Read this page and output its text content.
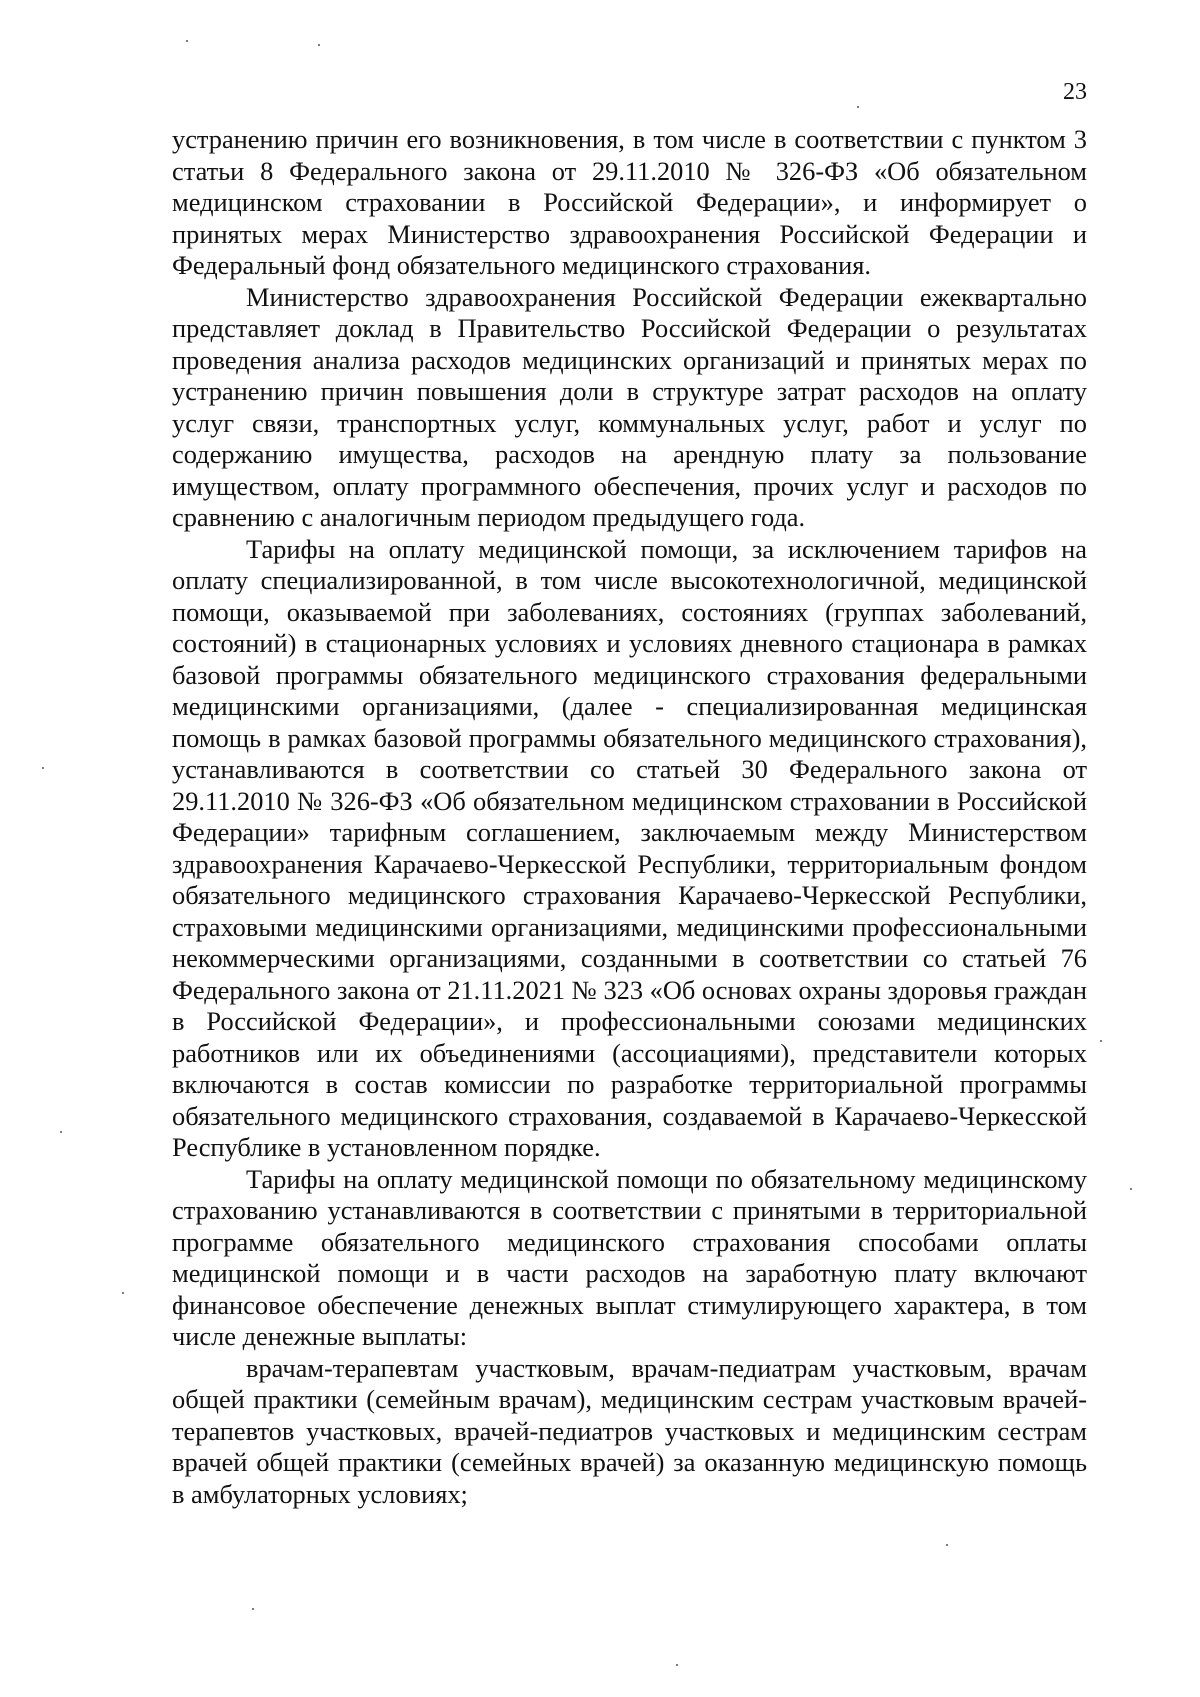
23

устранению причин его возникновения, в том числе в соответствии с пунктом 3 статьи 8 Федерального закона от 29.11.2010 № 326-ФЗ «Об обязательном медицинском страховании в Российской Федерации», и информирует о принятых мерах Министерство здравоохранения Российской Федерации и Федеральный фонд обязательного медицинского страхования.

Министерство здравоохранения Российской Федерации ежеквартально представляет доклад в Правительство Российской Федерации о результатах проведения анализа расходов медицинских организаций и принятых мерах по устранению причин повышения доли в структуре затрат расходов на оплату услуг связи, транспортных услуг, коммунальных услуг, работ и услуг по содержанию имущества, расходов на арендную плату за пользование имуществом, оплату программного обеспечения, прочих услуг и расходов по сравнению с аналогичным периодом предыдущего года.

Тарифы на оплату медицинской помощи, за исключением тарифов на оплату специализированной, в том числе высокотехнологичной, медицинской помощи, оказываемой при заболеваниях, состояниях (группах заболеваний, состояний) в стационарных условиях и условиях дневного стационара в рамках базовой программы обязательного медицинского страхования федеральными медицинскими организациями, (далее - специализированная медицинская помощь в рамках базовой программы обязательного медицинского страхования), устанавливаются в соответствии со статьей 30 Федерального закона от 29.11.2010 № 326-ФЗ «Об обязательном медицинском страховании в Российской Федерации» тарифным соглашением, заключаемым между Министерством здравоохранения Карачаево-Черкесской Республики, территориальным фондом обязательного медицинского страхования Карачаево-Черкесской Республики, страховыми медицинскими организациями, медицинскими профессиональными некоммерческими организациями, созданными в соответствии со статьей 76 Федерального закона от 21.11.2021 № 323 «Об основах охраны здоровья граждан в Российской Федерации», и профессиональными союзами медицинских работников или их объединениями (ассоциациями), представители которых включаются в состав комиссии по разработке территориальной программы обязательного медицинского страхования, создаваемой в Карачаево-Черкесской Республике в установленном порядке.

Тарифы на оплату медицинской помощи по обязательному медицинскому страхованию устанавливаются в соответствии с принятыми в территориальной программе обязательного медицинского страхования способами оплаты медицинской помощи и в части расходов на заработную плату включают финансовое обеспечение денежных выплат стимулирующего характера, в том числе денежные выплаты:

врачам-терапевтам участковым, врачам-педиатрам участковым, врачам общей практики (семейным врачам), медицинским сестрам участковым врачей-терапевтов участковых, врачей-педиатров участковых и медицинским сестрам врачей общей практики (семейных врачей) за оказанную медицинскую помощь в амбулаторных условиях;
